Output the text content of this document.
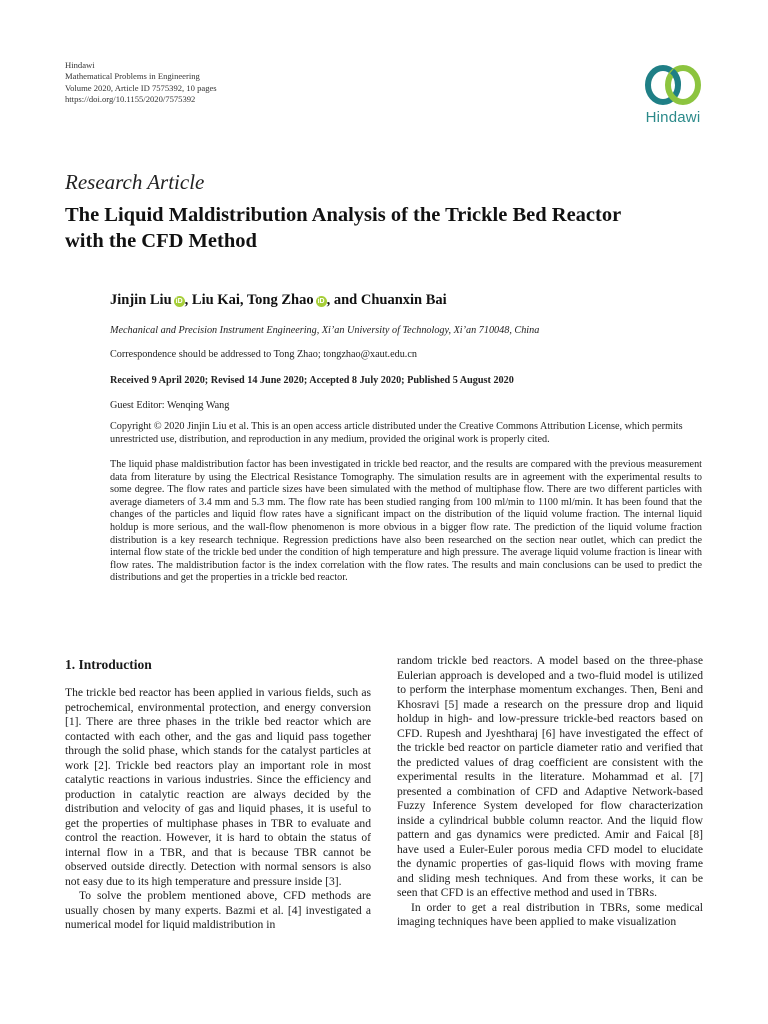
Hindawi
Mathematical Problems in Engineering
Volume 2020, Article ID 7575392, 10 pages
https://doi.org/10.1155/2020/7575392
Hindawi
Research Article
The Liquid Maldistribution Analysis of the Trickle Bed Reactor with the CFD Method
Jinjin Liu iD , Liu Kai, Tong Zhao iD , and Chuanxin Bai
Mechanical and Precision Instrument Engineering, Xi’an University of Technology, Xi’an 710048, China
Correspondence should be addressed to Tong Zhao; tongzhao@xaut.edu.cn
Received 9 April 2020; Revised 14 June 2020; Accepted 8 July 2020; Published 5 August 2020
Guest Editor: Wenqing Wang
Copyright © 2020 Jinjin Liu et al. This is an open access article distributed under the Creative Commons Attribution License, which permits unrestricted use, distribution, and reproduction in any medium, provided the original work is properly cited.
The liquid phase maldistribution factor has been investigated in trickle bed reactor, and the results are compared with the previous measurement data from literature by using the Electrical Resistance Tomography. The simulation results are in agreement with the experimental results to some degree. The flow rates and particle sizes have been simulated with the method of multiphase flow. There are two different particles with average diameters of 3.4 mm and 5.3 mm. The flow rate has been studied ranging from 100 ml/min to 1100 ml/min. It has been found that the changes of the particles and liquid flow rates have a significant impact on the distribution of the liquid volume fraction. The internal liquid holdup is more serious, and the wall-flow phenomenon is more obvious in a bigger flow rate. The prediction of the liquid volume fraction distribution is a key research technique. Regression predictions have also been researched on the section near outlet, which can predict the internal flow state of the trickle bed under the condition of high temperature and high pressure. The average liquid volume fraction is linear with flow rates. The maldistribution factor is the index correlation with the flow rates. The results and main conclusions can be used to predict the distributions and get the properties in a trickle bed reactor.
1. Introduction

The trickle bed reactor has been applied in various fields, such as petrochemical, environmental protection, and energy conversion [1]. There are three phases in the trikle bed reactor which are contacted with each other, and the gas and liquid pass together through the solid phase, which stands for the catalyst particles at work [2]. Trickle bed reactors play an important role in most catalytic reactions in various industries. Since the efficiency and production in catalytic reaction are always decided by the distribution and velocity of gas and liquid phases, it is useful to get the properties of multiphase phases in TBR to evaluate and control the reaction. However, it is hard to obtain the status of internal flow in a TBR, and that is because TBR cannot be observed outside directly. Detection with normal sensors is also not easy due to its high temperature and pressure inside [3].

To solve the problem mentioned above, CFD methods are usually chosen by many experts. Bazmi et al. [4] investigated a numerical model for liquid maldistribution in

random trickle bed reactors. A model based on the three-phase Eulerian approach is developed and a two-fluid model is utilized to perform the interphase momentum exchanges. Then, Beni and Khosravi [5] made a research on the pressure drop and liquid holdup in high- and low-pressure trickle-bed reactors based on CFD. Rupesh and Jyeshtharaj [6] have investigated the effect of the trickle bed reactor on particle diameter ratio and verified that the predicted values of drag coefficient are consistent with the experimental results in the literature. Mohammad et al. [7] presented a combination of CFD and Adaptive Network-based Fuzzy Inference System developed for flow characterization inside a cylindrical bubble column reactor. And the liquid flow pattern and gas dynamics were predicted. Amir and Faical [8] have used a Euler-Euler porous media CFD model to elucidate the dynamic properties of gas-liquid flows with moving frame and sliding mesh techniques. And from these works, it can be seen that CFD is an effective method and used in TBRs.

In order to get a real distribution in TBRs, some medical imaging techniques have been applied to make visualization
